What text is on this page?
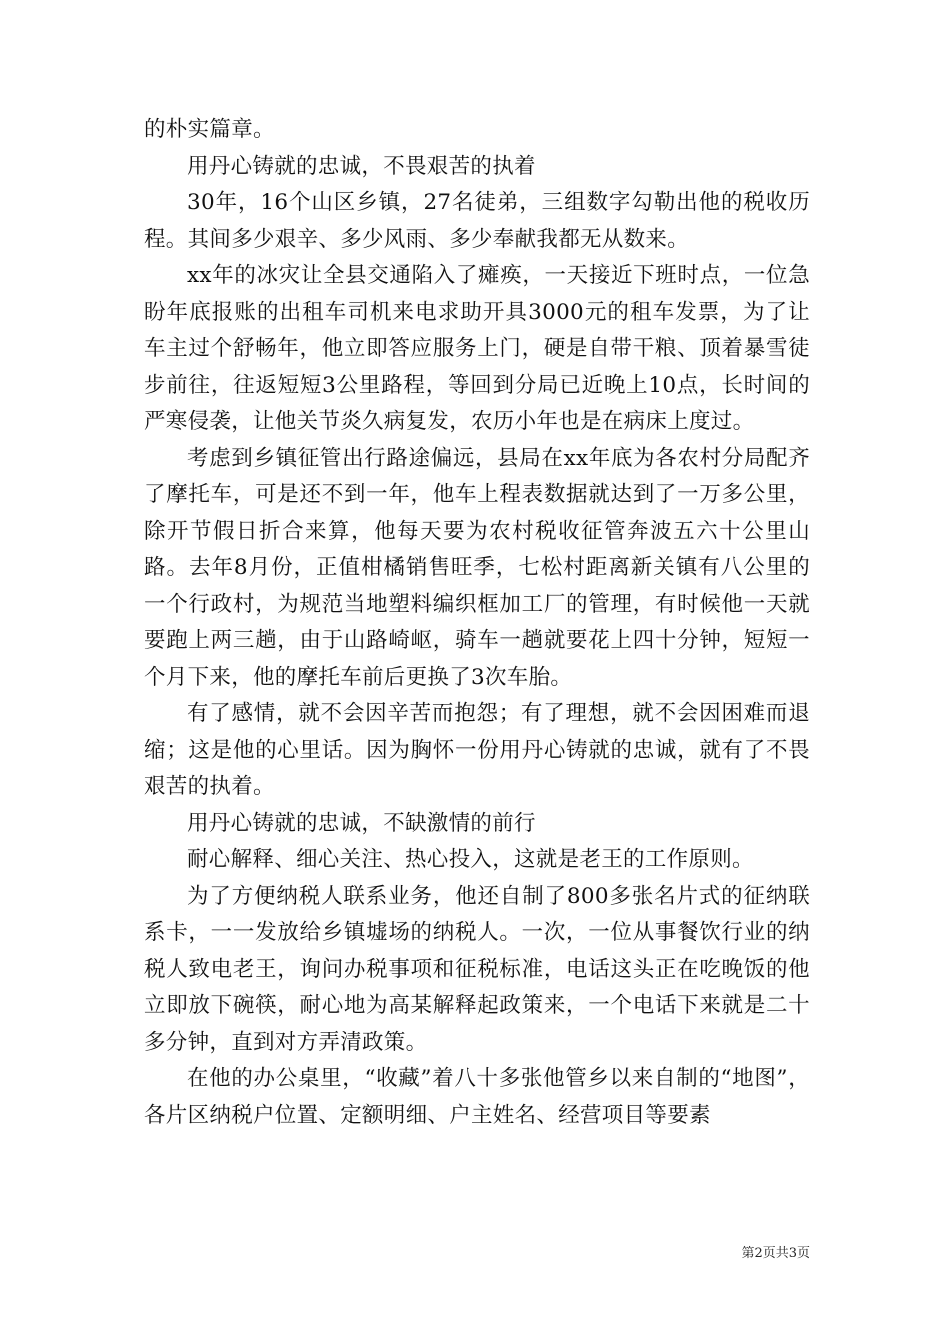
的朴实篇章。

用丹心铸就的忠诚，不畏艰苦的执着

30年，16个山区乡镇，27名徒弟，三组数字勾勒出他的税收历程。其间多少艰辛、多少风雨、多少奉献我都无从数来。

xx年的冰灾让全县交通陷入了瘫痪，一天接近下班时点，一位急盼年底报账的出租车司机来电求助开具3000元的租车发票，为了让车主过个舒畅年，他立即答应服务上门，硬是自带干粮、顶着暴雪徒步前往，往返短短3公里路程，等回到分局已近晚上10点，长时间的严寒侵袭，让他关节炎久病复发，农历小年也是在病床上度过。

考虑到乡镇征管出行路途偏远，县局在xx年底为各农村分局配齐了摩托车，可是还不到一年，他车上程表数据就达到了一万多公里，除开节假日折合来算，他每天要为农村税收征管奔波五六十公里山路。去年8月份，正值柑橘销售旺季，七松村距离新关镇有八公里的一个行政村，为规范当地塑料编织框加工厂的管理，有时候他一天就要跑上两三趟，由于山路崎岖，骑车一趟就要花上四十分钟，短短一个月下来，他的摩托车前后更换了3次车胎。

有了感情，就不会因辛苦而抱怨；有了理想，就不会因困难而退缩；这是他的心里话。因为胸怀一份用丹心铸就的忠诚，就有了不畏艰苦的执着。

用丹心铸就的忠诚，不缺激情的前行

耐心解释、细心关注、热心投入，这就是老王的工作原则。

为了方便纳税人联系业务，他还自制了800多张名片式的征纳联系卡，一一发放给乡镇墟场的纳税人。一次，一位从事餐饮行业的纳税人致电老王，询问办税事项和征税标准，电话这头正在吃晚饭的他立即放下碗筷，耐心地为高某解释起政策来，一个电话下来就是二十多分钟，直到对方弄清政策。

在他的办公桌里，“收藏”着八十多张他管乡以来自制的“地图”，各片区纳税户位置、定额明细、户主姓名、经营项目等要素

第2页共3页
